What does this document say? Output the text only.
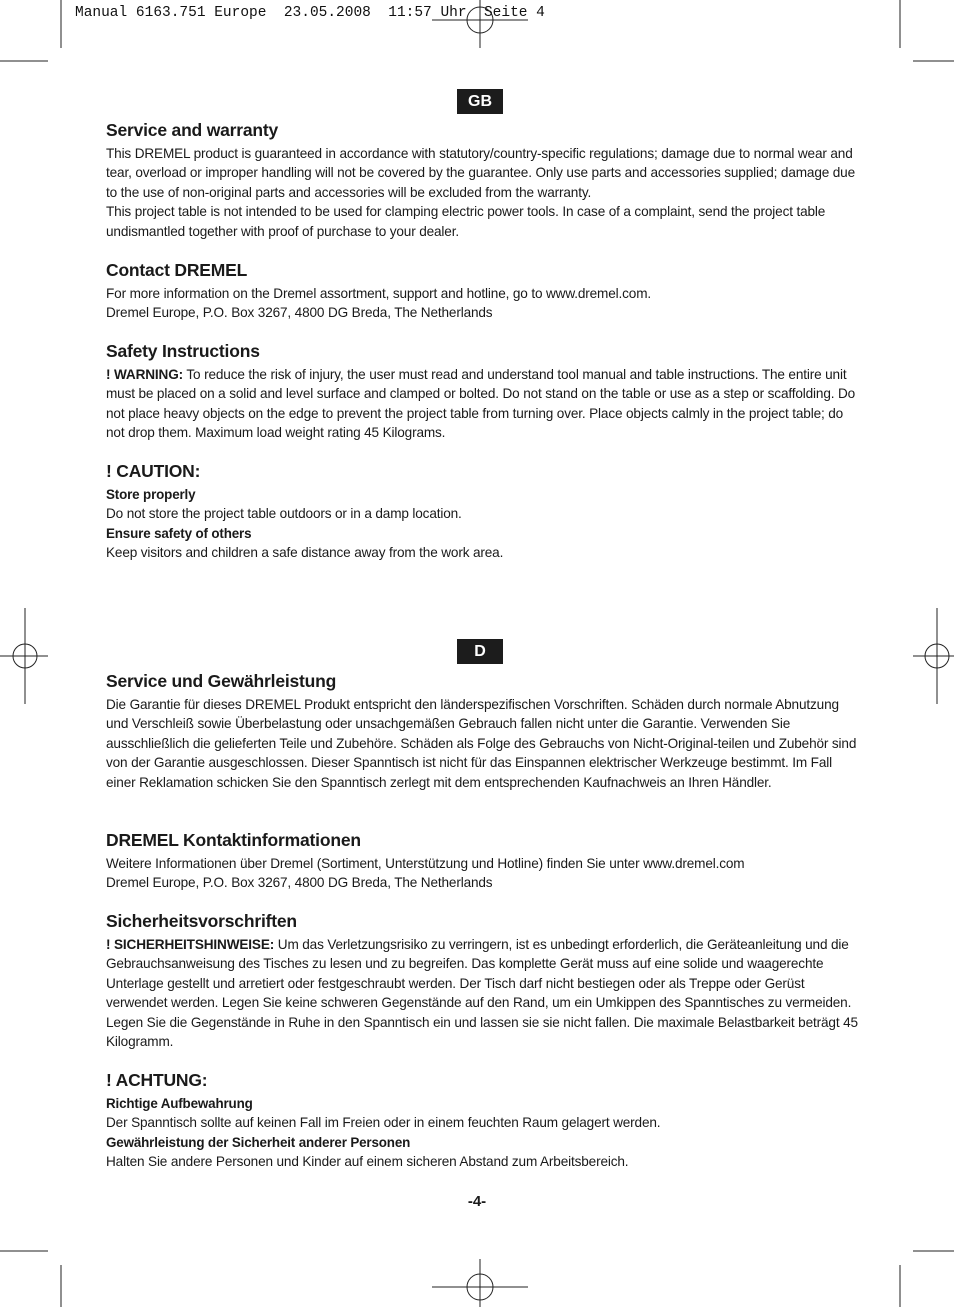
Manual 6163.751 Europe  23.05.2008  11:57 Uhr  Seite 4
GB
Service and warranty

This DREMEL product is guaranteed in accordance with statutory/country-specific regulations; damage due to normal wear and tear, overload or improper handling will not be covered by the guarantee. Only use parts and accessories supplied; damage due to the use of non-original parts and accessories will be excluded from the warranty.

This project table is not intended to be used for clamping electric power tools. In case of a complaint, send the project table undismantled together with proof of purchase to your dealer.

Contact DREMEL

For more information on the Dremel assortment, support and hotline, go to www.dremel.com.

Dremel Europe, P.O. Box 3267, 4800 DG Breda, The Netherlands

Safety Instructions

! WARNING: To reduce the risk of injury, the user must read and understand tool manual and table instructions. The entire unit must be placed on a solid and level surface and clamped or bolted. Do not stand on the table or use as a step or scaffolding. Do not place heavy objects on the edge to prevent the project table from turning over. Place objects calmly in the project table; do not drop them. Maximum load weight rating 45 Kilograms.

! CAUTION:

Store properly

Do not store the project table outdoors or in a damp location.

Ensure safety of others

Keep visitors and children a safe distance away from the work area.

D
Service und Gewährleistung

Die Garantie für dieses DREMEL Produkt entspricht den länderspezifischen Vorschriften. Schäden durch normale Abnutzung und Verschleiß sowie Überbelastung oder unsachgemäßen Gebrauch fallen nicht unter die Garantie. Verwenden Sie ausschließlich die gelieferten Teile und Zubehöre. Schäden als Folge des Gebrauchs von Nicht-Original-teilen und Zubehör sind von der Garantie ausgeschlossen. Dieser Spanntisch ist nicht für das Einspannen elektrischer Werkzeuge bestimmt. Im Fall einer Reklamation schicken Sie den Spanntisch zerlegt mit dem entsprechenden Kaufnachweis an Ihren Händler.

DREMEL Kontaktinformationen

Weitere Informationen über Dremel (Sortiment, Unterstützung und Hotline) finden Sie unter www.dremel.com

Dremel Europe, P.O. Box 3267, 4800 DG Breda, The Netherlands

Sicherheitsvorschriften

! SICHERHEITSHINWEISE: Um das Verletzungsrisiko zu verringern, ist es unbedingt erforderlich, die Geräteanleitung und die Gebrauchsanweisung des Tisches zu lesen und zu begreifen. Das komplette Gerät muss auf eine solide und waagerechte Unterlage gestellt und arretiert oder festgeschraubt werden. Der Tisch darf nicht bestiegen oder als Treppe oder Gerüst verwendet werden. Legen Sie keine schweren Gegenstände auf den Rand, um ein Umkippen des Spanntisches zu vermeiden. Legen Sie die Gegenstände in Ruhe in den Spanntisch ein und lassen sie sie nicht fallen. Die maximale Belastbarkeit beträgt 45 Kilogramm.

! ACHTUNG:

Richtige Aufbewahrung

Der Spanntisch sollte auf keinen Fall im Freien oder in einem feuchten Raum gelagert werden.

Gewährleistung der Sicherheit anderer Personen

Halten Sie andere Personen und Kinder auf einem sicheren Abstand zum Arbeitsbereich.

-4-
